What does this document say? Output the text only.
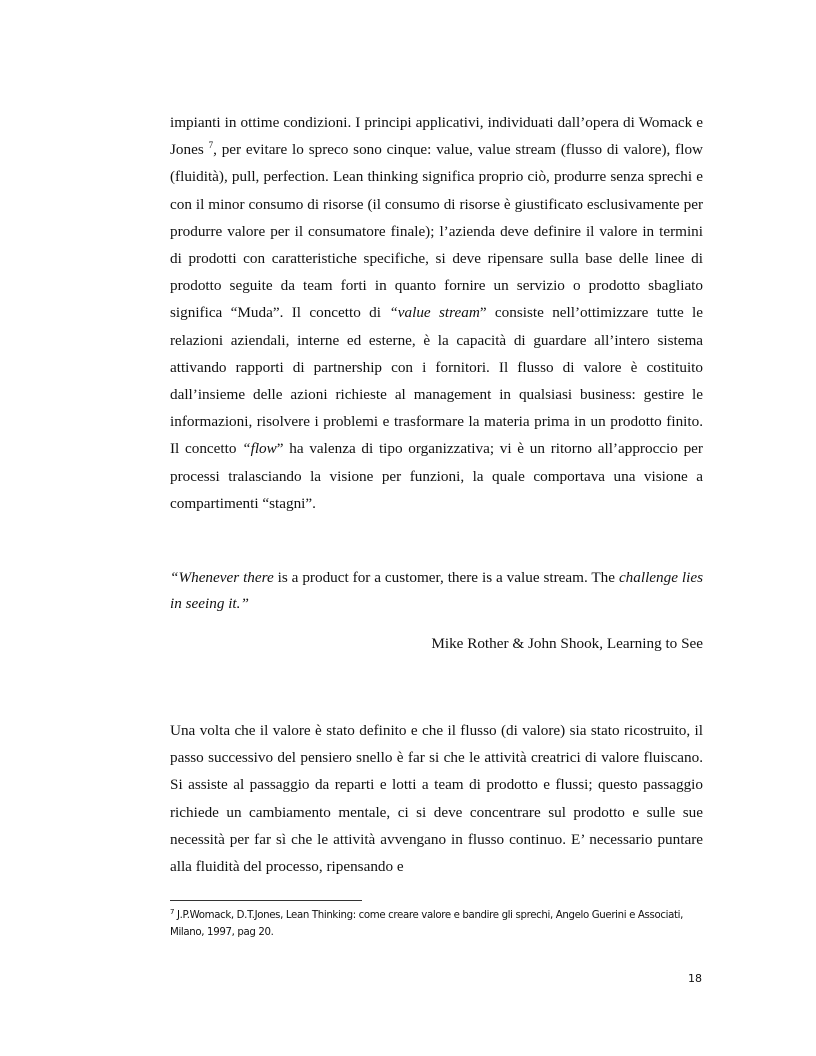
impianti in ottime condizioni. I principi applicativi, individuati dall’opera di Womack e Jones $^7$, per evitare lo spreco sono cinque: value, value stream (flusso di valore), flow (fluidità), pull, perfection. Lean thinking significa proprio ciò, produrre senza sprechi e con il minor consumo di risorse (il consumo di risorse è giustificato esclusivamente per produrre valore per il consumatore finale); l’azienda deve definire il valore in termini di prodotti con caratteristiche specifiche, si deve ripensare sulla base delle linee di prodotto seguite da team forti in quanto fornire un servizio o prodotto sbagliato significa “Muda”. Il concetto di “value stream” consiste nell’ottimizzare tutte le relazioni aziendali, interne ed esterne, è la capacità di guardare all’intero sistema attivando rapporti di partnership con i fornitori. Il flusso di valore è costituito dall’insieme delle azioni richieste al management in qualsiasi business: gestire le informazioni, risolvere i problemi e trasformare la materia prima in un prodotto finito. Il concetto “flow” ha valenza di tipo organizzativa; vi è un ritorno all’approccio per processi tralasciando la visione per funzioni, la quale comportava una visione a compartimenti “stagni”.

“Whenever there is a product for a customer, there is a value stream. The challenge lies in seeing it.”

Mike Rother & John Shook, Learning to See

Una volta che il valore è stato definito e che il flusso (di valore) sia stato ricostruito, il passo successivo del pensiero snello è far si che le attività creatrici di valore fluiscano. Si assiste al passaggio da reparti e lotti a team di prodotto e flussi; questo passaggio richiede un cambiamento mentale, ci si deve concentrare sul prodotto e sulle sue necessità per far sì che le attività avvengano in flusso continuo. E’ necessario puntare alla fluidità del processo, ripensando e

$^7$ J.P.Womack, D.T.Jones, Lean Thinking: come creare valore e bandire gli sprechi, Angelo Guerini e Associati, Milano, 1997, pag 20.
18
